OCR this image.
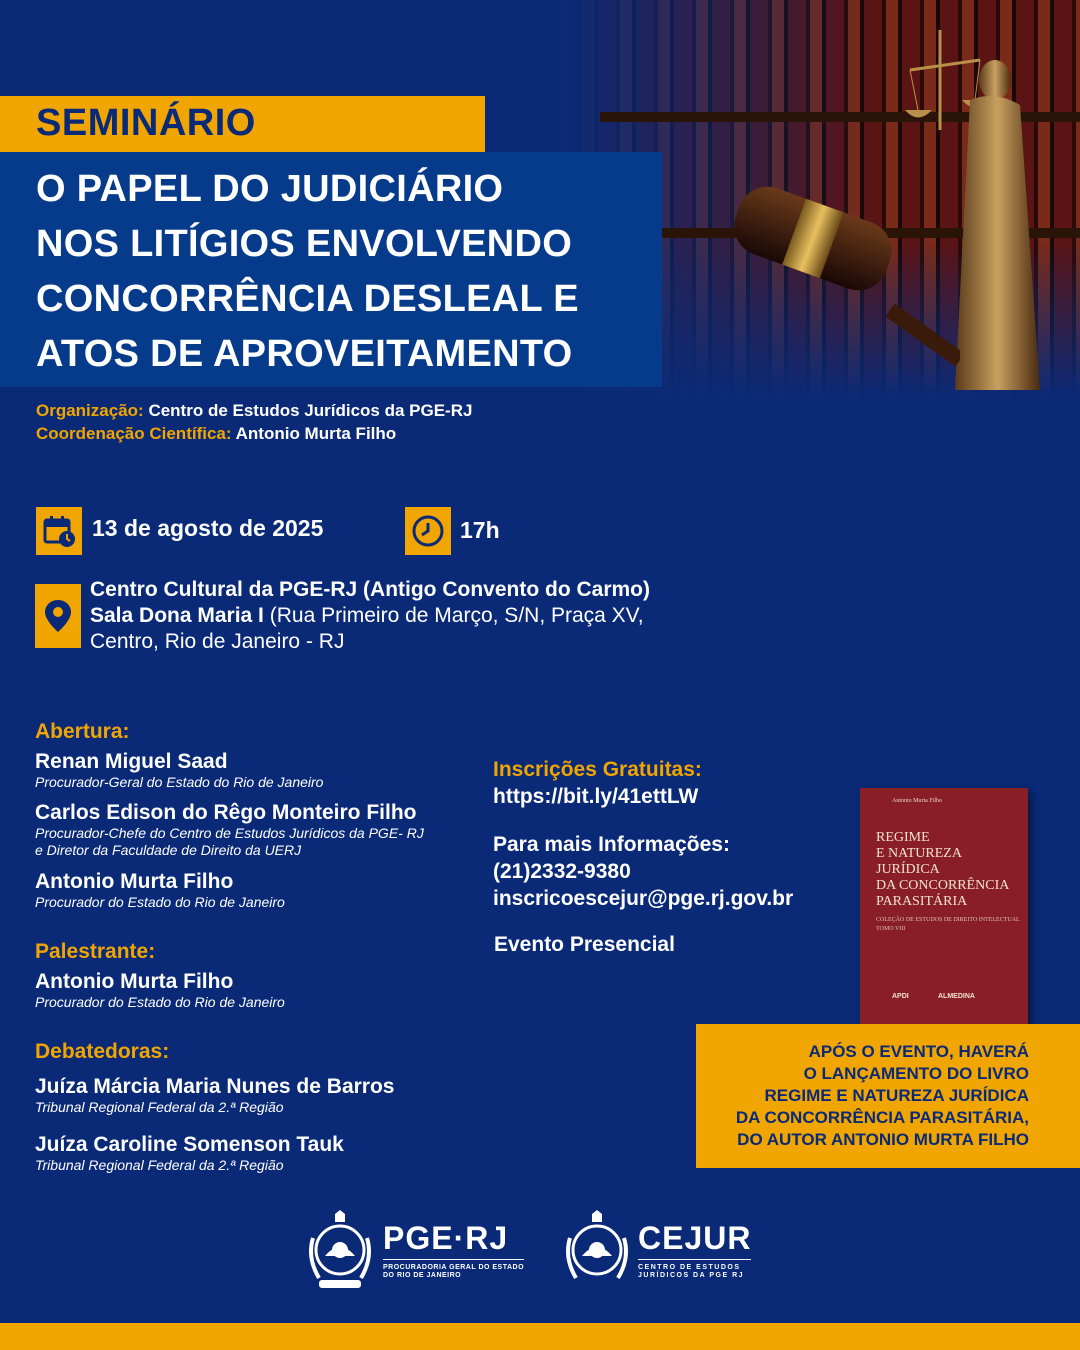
SEMINÁRIO
O PAPEL DO JUDICIÁRIO
NOS LITÍGIOS ENVOLVENDO
CONCORRÊNCIA DESLEAL E
ATOS DE APROVEITAMENTO
Organização: Centro de Estudos Jurídicos da PGE-RJ
Coordenação Científica: Antonio Murta Filho
13 de agosto de 2025	17h
Centro Cultural da PGE-RJ (Antigo Convento do Carmo)
Sala Dona Maria I (Rua Primeiro de Março, S/N, Praça XV,
Centro, Rio de Janeiro - RJ
Abertura:
Renan Miguel Saad
Procurador-Geral do Estado do Rio de Janeiro
Carlos Edison do Rêgo Monteiro Filho
Procurador-Chefe do Centro de Estudos Jurídicos da PGE- RJ
e Diretor da Faculdade de Direito da UERJ
Antonio Murta Filho
Procurador do Estado do Rio de Janeiro
Palestrante:
Antonio Murta Filho
Procurador do Estado do Rio de Janeiro
Debatedoras:
Juíza Márcia Maria Nunes de Barros
Tribunal Regional Federal da 2.ª Região
Juíza Caroline Somenson Tauk
Tribunal Regional Federal da 2.ª Região
Inscrições Gratuitas:
https://bit.ly/41ettLW
Para mais Informações:
(21)2332-9380
inscricoescejur@pge.rj.gov.br
Evento Presencial
Antonio Murta Filho
REGIME
E NATUREZA
JURÍDICA
DA CONCORRÊNCIA
PARASITÁRIA
COLEÇÃO DE ESTUDOS DE DIREITO INTELECTUAL
TOMO VIII
APDI	ALMEDINA
APÓS O EVENTO, HAVERÁ
O LANÇAMENTO DO LIVRO
REGIME E NATUREZA JURÍDICA
DA CONCORRÊNCIA PARASITÁRIA,
DO AUTOR ANTONIO MURTA FILHO
PGE·RJ
PROCURADORIA GERAL DO ESTADO
DO RIO DE JANEIRO
CEJUR
CENTRO DE ESTUDOS
JURÍDICOS DA PGE RJ
